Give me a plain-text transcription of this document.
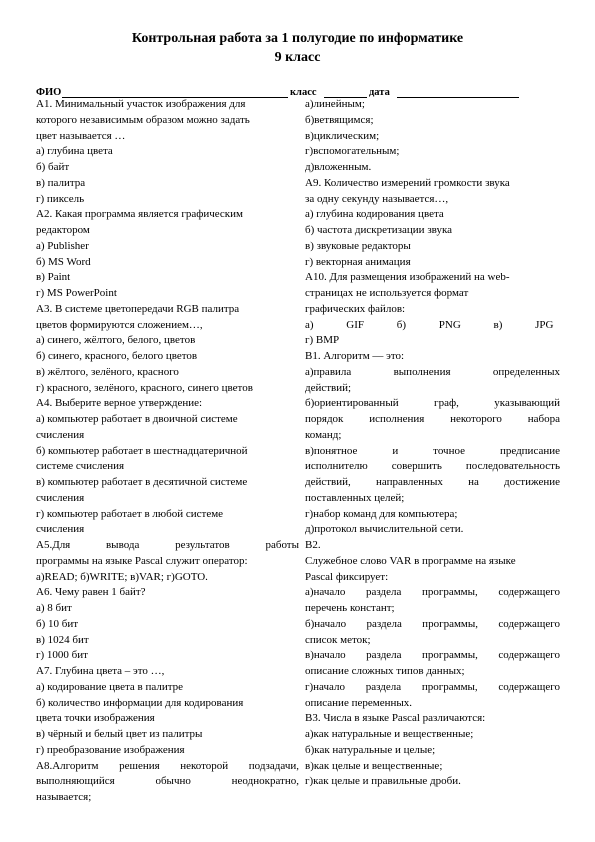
Контрольная работа за 1 полугодие по информатике
9 класс
ФИО	класс	дата
А1. Минимальный участок изображения для
которого независимым образом можно задать
цвет называется …
а) глубина цвета
б) байт
в) палитра
г) пиксель
А2. Какая программа является графическим
редактором
а) Publisher
б) MS Word
в) Paint
г) MS PowerPoint
А3. В системе цветопередачи RGB палитра
цветов формируются сложением…,
а) синего, жёлтого, белого, цветов
б) синего, красного, белого цветов
в) жёлтого, зелёного, красного
г) красного, зелёного, красного, синего цветов
А4. Выберите верное утверждение:
а) компьютер работает в двоичной системе
счисления
б) компьютер работает в шестнадцатеричной
системе счисления
в) компьютер работает в десятичной системе
счисления
г) компьютер работает в любой системе
счисления
А5.Для вывода результатов работы
программы на языке Pascal служит оператор:
а)READ; б)WRITE; в)VAR; г)GOTO.
А6. Чему равен 1 байт?
а) 8 бит
б) 10 бит
в) 1024 бит
г) 1000 бит
А7. Глубина цвета – это …,
а) кодирование цвета в палитре
б) количество информации для кодирования
цвета точки изображения
в) чёрный и белый цвет из палитры
г) преобразование изображения
А8.Алгоритм решения некоторой подзадачи,
выполняющийся обычно неоднократно,
называется;
а)линейным;
б)ветвящимся;
в)циклическим;
г)вспомогательным;
д)вложенным.
А9. Количество измерений громкости звука
за одну секунду называется…,
а) глубина кодирования цвета
б) частота дискретизации звука
в) звуковые редакторы
г) векторная анимация
А10. Для размещения изображений на web-
страницах не используется формат
графических файлов:
а) GIF б) PNG в) JPG
г) BMP
В1. Алгоритм — это:
а)правила выполнения определенных
действий;
б)ориентированный граф, указывающий
порядок исполнения некоторого набора
команд;
в)понятное и точное предписание
исполнителю совершить последовательность
действий, направленных на достижение
поставленных целей;
г)набор команд для компьютера;
д)протокол вычислительной сети.
В2.
Служебное слово VAR в программе на языке
Pascal фиксирует:
а)начало раздела программы, содержащего
перечень констант;
б)начало раздела программы, содержащего
список меток;
в)начало раздела программы, содержащего
описание сложных типов данных;
г)начало раздела программы, содержащего
описание переменных.
В3. Числа в языке Pascal различаются:
а)как натуральные и вещественные;
б)как натуральные и целые;
в)как целые и вещественные;
г)как целые и правильные дроби.
